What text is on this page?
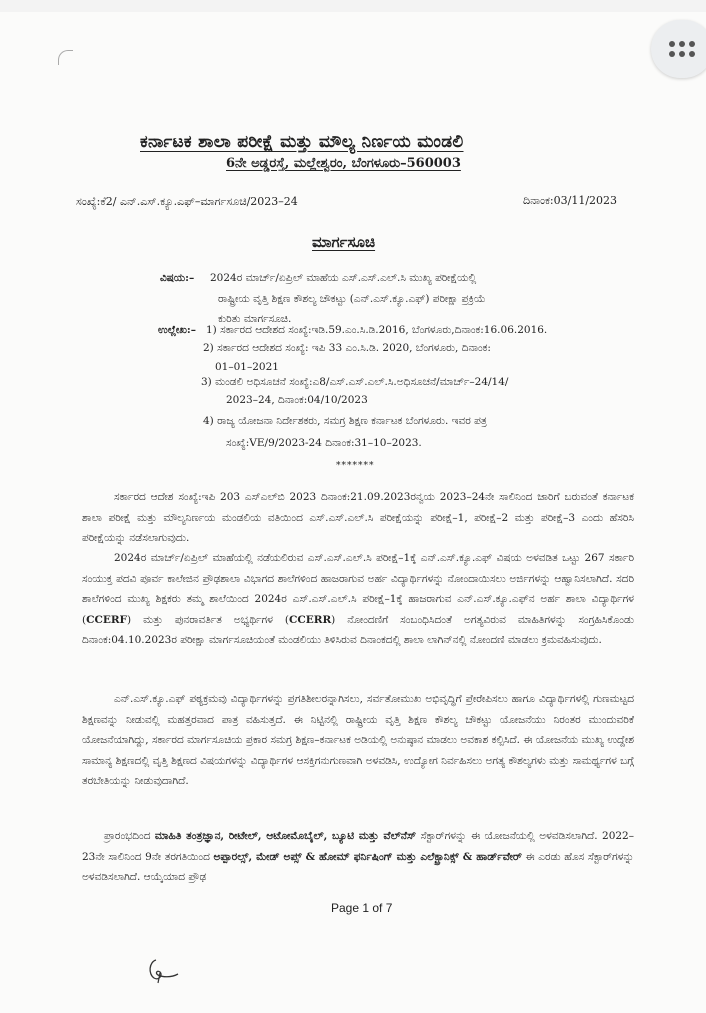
ಕರ್ನಾಟಕ ಶಾಲಾ ಪರೀಕ್ಷೆ ಮತ್ತು ಮೌಲ್ಯ ನಿರ್ಣಯ ಮಂಡಲಿ
6ನೇ ಅಡ್ಡರಸ್ತೆ, ಮಲ್ಲೇಶ್ವರಂ, ಬೆಂಗಳೂರು–560003
ಸಂಖ್ಯೆ:ಕೆ2/ ಎನ್.ಎಸ್.ಕ್ಯೂ.ಎಫ್–ಮಾರ್ಗಸೂಚಿ/2023–24	ದಿನಾಂಕ:03/11/2023
ಮಾರ್ಗಸೂಚಿ
ವಿಷಯ:– 2024ರ ಮಾರ್ಚ್/ಏಪ್ರಿಲ್ ಮಾಹೆಯ ಎಸ್.ಎಸ್.ಎಲ್.ಸಿ ಮುಖ್ಯ ಪರೀಕ್ಷೆಯಲ್ಲಿ
ರಾಷ್ಟ್ರೀಯ ವೃತ್ತಿ ಶಿಕ್ಷಣ ಕೌಶಲ್ಯ ಚೌಕಟ್ಟು (ಎನ್.ಎಸ್.ಕ್ಯೂ.ಎಫ್) ಪರೀಕ್ಷಾ ಪ್ರಕ್ರಿಯೆ
ಕುರಿತು ಮಾರ್ಗಸೂಚಿ.
ಉಲ್ಲೇಖ:– 1) ಸರ್ಕಾರದ ಆದೇಶದ ಸಂಖ್ಯೆ:ಇಡಿ.59.ಎಂ.ಸಿ.ಡಿ.2016, ಬೆಂಗಳೂರು,ದಿನಾಂಕ:16.06.2016.
2) ಸರ್ಕಾರದ ಆದೇಶದ ಸಂಖ್ಯೆ: ಇಪಿ 33 ಎಂ.ಸಿ.ಡಿ. 2020, ಬೆಂಗಳೂರು, ದಿನಾಂಕ:
01–01–2021
3) ಮಂಡಲಿ ಅಧಿಸೂಚನೆ ಸಂಖ್ಯೆ:ಎ8/ಎಸ್.ಎಸ್.ಎಲ್.ಸಿ.ಅಧಿಸೂಚನೆ/ಮಾರ್ಚ್–24/14/
2023–24, ದಿನಾಂಕ:04/10/2023
4) ರಾಜ್ಯ ಯೋಜನಾ ನಿರ್ದೇಶಕರು, ಸಮಗ್ರ ಶಿಕ್ಷಣ ಕರ್ನಾಟಕ ಬೆಂಗಳೂರು. ಇವರ ಪತ್ರ
ಸಂಖ್ಯೆ:VE/9/2023-24 ದಿನಾಂಕ:31–10–2023.
*******

ಸರ್ಕಾರದ ಆದೇಶ ಸಂಖ್ಯೆ:ಇಪಿ 203 ಎಸ್‌ಎಲ್‌ಬಿ 2023 ದಿನಾಂಕ:21.09.2023ರನ್ವಯ 2023–24ನೇ ಸಾಲಿನಿಂದ ಜಾರಿಗೆ ಬರುವಂತೆ ಕರ್ನಾಟಕ ಶಾಲಾ ಪರೀಕ್ಷೆ ಮತ್ತು ಮೌಲ್ಯನಿರ್ಣಯ ಮಂಡಲಿಯ ವತಿಯಿಂದ ಎಸ್.ಎಸ್.ಎಲ್.ಸಿ ಪರೀಕ್ಷೆಯನ್ನು ಪರೀಕ್ಷೆ–1, ಪರೀಕ್ಷೆ–2 ಮತ್ತು ಪರೀಕ್ಷೆ–3 ಎಂದು ಹೆಸರಿಸಿ ಪರೀಕ್ಷೆಯನ್ನು ನಡೆಸಲಾಗುವುದು.

2024ರ ಮಾರ್ಚ್/ಏಪ್ರಿಲ್ ಮಾಹೆಯಲ್ಲಿ ನಡೆಯಲಿರುವ ಎಸ್.ಎಸ್.ಎಲ್.ಸಿ ಪರೀಕ್ಷೆ–1ಕ್ಕೆ ಎನ್.ಎಸ್.ಕ್ಯೂ.ಎಫ್ ವಿಷಯ ಅಳವಡಿತ ಒಟ್ಟು 267 ಸರ್ಕಾರಿ ಸಂಯುಕ್ತ ಪದವಿ ಪೂರ್ವ ಕಾಲೇಜಿನ ಪ್ರೌಢಶಾಲಾ ವಿಭಾಗದ ಶಾಲೆಗಳಿಂದ ಹಾಜರಾಗುವ ಅರ್ಹ ವಿದ್ಯಾರ್ಥಿಗಳನ್ನು ನೋಂದಾಯಿಸಲು ಅರ್ಜಿಗಳನ್ನು ಆಹ್ವಾನಿಸಲಾಗಿದೆ. ಸದರಿ ಶಾಲೆಗಳಿಂದ ಮುಖ್ಯ ಶಿಕ್ಷಕರು ತಮ್ಮ ಶಾಲೆಯಿಂದ 2024ರ ಎಸ್.ಎಸ್.ಎಲ್.ಸಿ ಪರೀಕ್ಷೆ–1ಕ್ಕೆ ಹಾಜರಾಗುವ ಎನ್.ಎಸ್.ಕ್ಯೂ.ಎಫ್‌ನ ಅರ್ಹ ಶಾಲಾ ವಿದ್ಯಾರ್ಥಿಗಳ (CCERF) ಮತ್ತು ಪುನರಾವರ್ತಿತ ಅಭ್ಯರ್ಥಿಗಳ (CCERR) ನೋಂದಣಿಗೆ ಸಂಬಂಧಿಸಿದಂತೆ ಅಗತ್ಯವಿರುವ ಮಾಹಿತಿಗಳನ್ನು ಸಂಗ್ರಹಿಸಿಕೊಂಡು ದಿನಾಂಕ:04.10.2023ರ ಪರೀಕ್ಷಾ ಮಾರ್ಗಸೂಚಿಯಂತೆ ಮಂಡಲಿಯು ತಿಳಿಸಿರುವ ದಿನಾಂಕದಲ್ಲಿ ಶಾಲಾ ಲಾಗಿನ್‌ನಲ್ಲಿ ನೋಂದಣಿ ಮಾಡಲು ಕ್ರಮವಹಿಸುವುದು.

ಎನ್.ಎಸ್.ಕ್ಯೂ.ಎಫ್ ಪಠ್ಯಕ್ರಮವು ವಿದ್ಯಾರ್ಥಿಗಳನ್ನು ಪ್ರಗತಿಶೀಲರನ್ನಾಗಿಸಲು, ಸರ್ವತೋಮುಖ ಅಭಿವೃದ್ಧಿಗೆ ಪ್ರೇರೇಪಿಸಲು ಹಾಗೂ ವಿದ್ಯಾರ್ಥಿಗಳಲ್ಲಿ ಗುಣಮಟ್ಟದ ಶಿಕ್ಷಣವನ್ನು ನೀಡುವಲ್ಲಿ ಮಹತ್ತರವಾದ ಪಾತ್ರ ವಹಿಸುತ್ತದೆ. ಈ ನಿಟ್ಟಿನಲ್ಲಿ ರಾಷ್ಟ್ರೀಯ ವೃತ್ತಿ ಶಿಕ್ಷಣ ಕೌಶಲ್ಯ ಚೌಕಟ್ಟು ಯೋಜನೆಯು ನಿರಂತರ ಮುಂದುವರಿಕೆ ಯೋಜನೆಯಾಗಿದ್ದು, ಸರ್ಕಾರದ ಮಾರ್ಗಸೂಚಿಯ ಪ್ರಕಾರ ಸಮಗ್ರ ಶಿಕ್ಷಣ–ಕರ್ನಾಟಕ ಅಡಿಯಲ್ಲಿ ಅನುಷ್ಠಾನ ಮಾಡಲು ಅವಕಾಶ ಕಲ್ಪಿಸಿದೆ. ಈ ಯೋಜನೆಯ ಮುಖ್ಯ ಉದ್ದೇಶ ಸಾಮಾನ್ಯ ಶಿಕ್ಷಣದಲ್ಲಿ ವೃತ್ತಿ ಶಿಕ್ಷಣದ ವಿಷಯಗಳನ್ನು ವಿದ್ಯಾರ್ಥಿಗಳ ಆಸಕ್ತಿಗನುಗುಣವಾಗಿ ಅಳವಡಿಸಿ, ಉದ್ಯೋಗ ನಿರ್ವಹಿಸಲು ಅಗತ್ಯ ಕೌಶಲ್ಯಗಳು ಮತ್ತು ಸಾಮರ್ಥ್ಯಗಳ ಬಗ್ಗೆ ತರಬೇತಿಯನ್ನು ನೀಡುವುದಾಗಿದೆ.

ಪ್ರಾರಂಭದಿಂದ ಮಾಹಿತಿ ತಂತ್ರಜ್ಞಾನ, ರೀಟೇಲ್, ಆಟೋಮೊಬೈಲ್, ಬ್ಯೂಟಿ ಮತ್ತು ವೆಲ್‌ನೆಸ್ ಸೆಕ್ಟಾರ್‌ಗಳನ್ನು ಈ ಯೋಜನೆಯಲ್ಲಿ ಅಳವಡಿಸಲಾಗಿದೆ. 2022–23ನೇ ಸಾಲಿನಿಂದ 9ನೇ ತರಗತಿಯಿಂದ ಅಪ್ಪಾರಲ್ಸ್, ಮೇಡ್ ಅಪ್ಸ್ & ಹೋಮ್ ಫರ್ನಿಷಿಂಗ್ ಮತ್ತು ಎಲೆಕ್ಟ್ರಾನಿಕ್ಸ್ & ಹಾರ್ಡ್‌ವೇರ್ ಈ ಎರಡು ಹೊಸ ಸೆಕ್ಟಾರ್‌ಗಳನ್ನು ಅಳವಡಿಸಲಾಗಿದೆ. ಆಯ್ಕೆಯಾದ ಪ್ರೌಢ

Page 1 of 7
